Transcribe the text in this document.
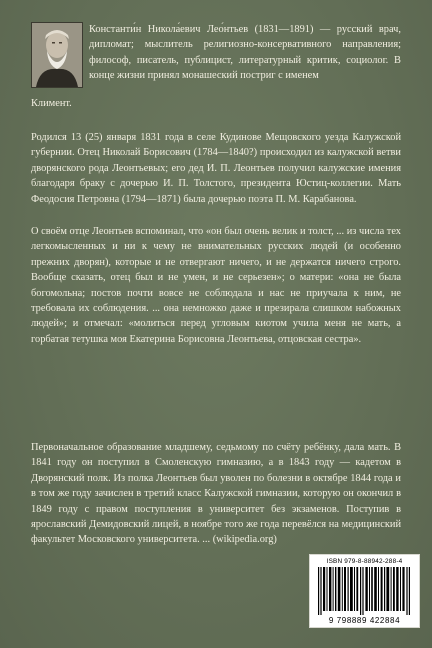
Константи́н Никола́евич Лео́нтьев (1831—1891) — русский врач, дипломат; мыслитель религиозно-консервативного направления; философ, писатель, публицист, литературный критик, социолог. В конце жизни принял монашеский постриг с именем

Климент.

Родился 13 (25) января 1831 года в селе Кудинове Мещовского уезда Калужской губернии. Отец Николай Борисович (1784—1840?) происходил из калужской ветви дворянского рода Леонтьевых; его дед И. П. Леонтьев получил калужские имения благодаря браку с дочерью И. П. Толстого, президента Юстиц-коллегии. Мать Феодосия Петровна (1794—1871) была дочерью поэта П. М. Карабанова.

О своём отце Леонтьев вспоминал, что «он был очень велик и толст, ... из числа тех легкомысленных и ни к чему не внимательных русских людей (и особенно прежних дворян), которые и не отвергают ничего, и не держатся ничего строго. Вообще сказать, отец был и не умен, и не серьезен»; о матери: «она не была богомольна; постов почти вовсе не соблюдала и нас не приучала к ним, не требовала их соблюдения. ... она немножко даже и презирала слишком набожных людей»; и отмечал: «молиться перед угловым киотом учила меня не мать, а горбатая тетушка моя Екатерина Борисовна Леонтьева, отцовская сестра».

Первоначальное образование младшему, седьмому по счёту ребёнку, дала мать. В 1841 году он поступил в Смоленскую гимназию, а в 1843 году — кадетом в Дворянский полк. Из полка Леонтьев был уволен по болезни в октябре 1844 года и в том же году зачислен в третий класс Калужской гимназии, которую он окончил в 1849 году с правом поступления в университет без экзаменов. Поступив в ярославский Демидовский лицей, в ноябре того же года перевёлся на медицинский факультет Московского университета. ... (wikipedia.org)

ISBN 979-8-88942-288-4
9 798889 422884
